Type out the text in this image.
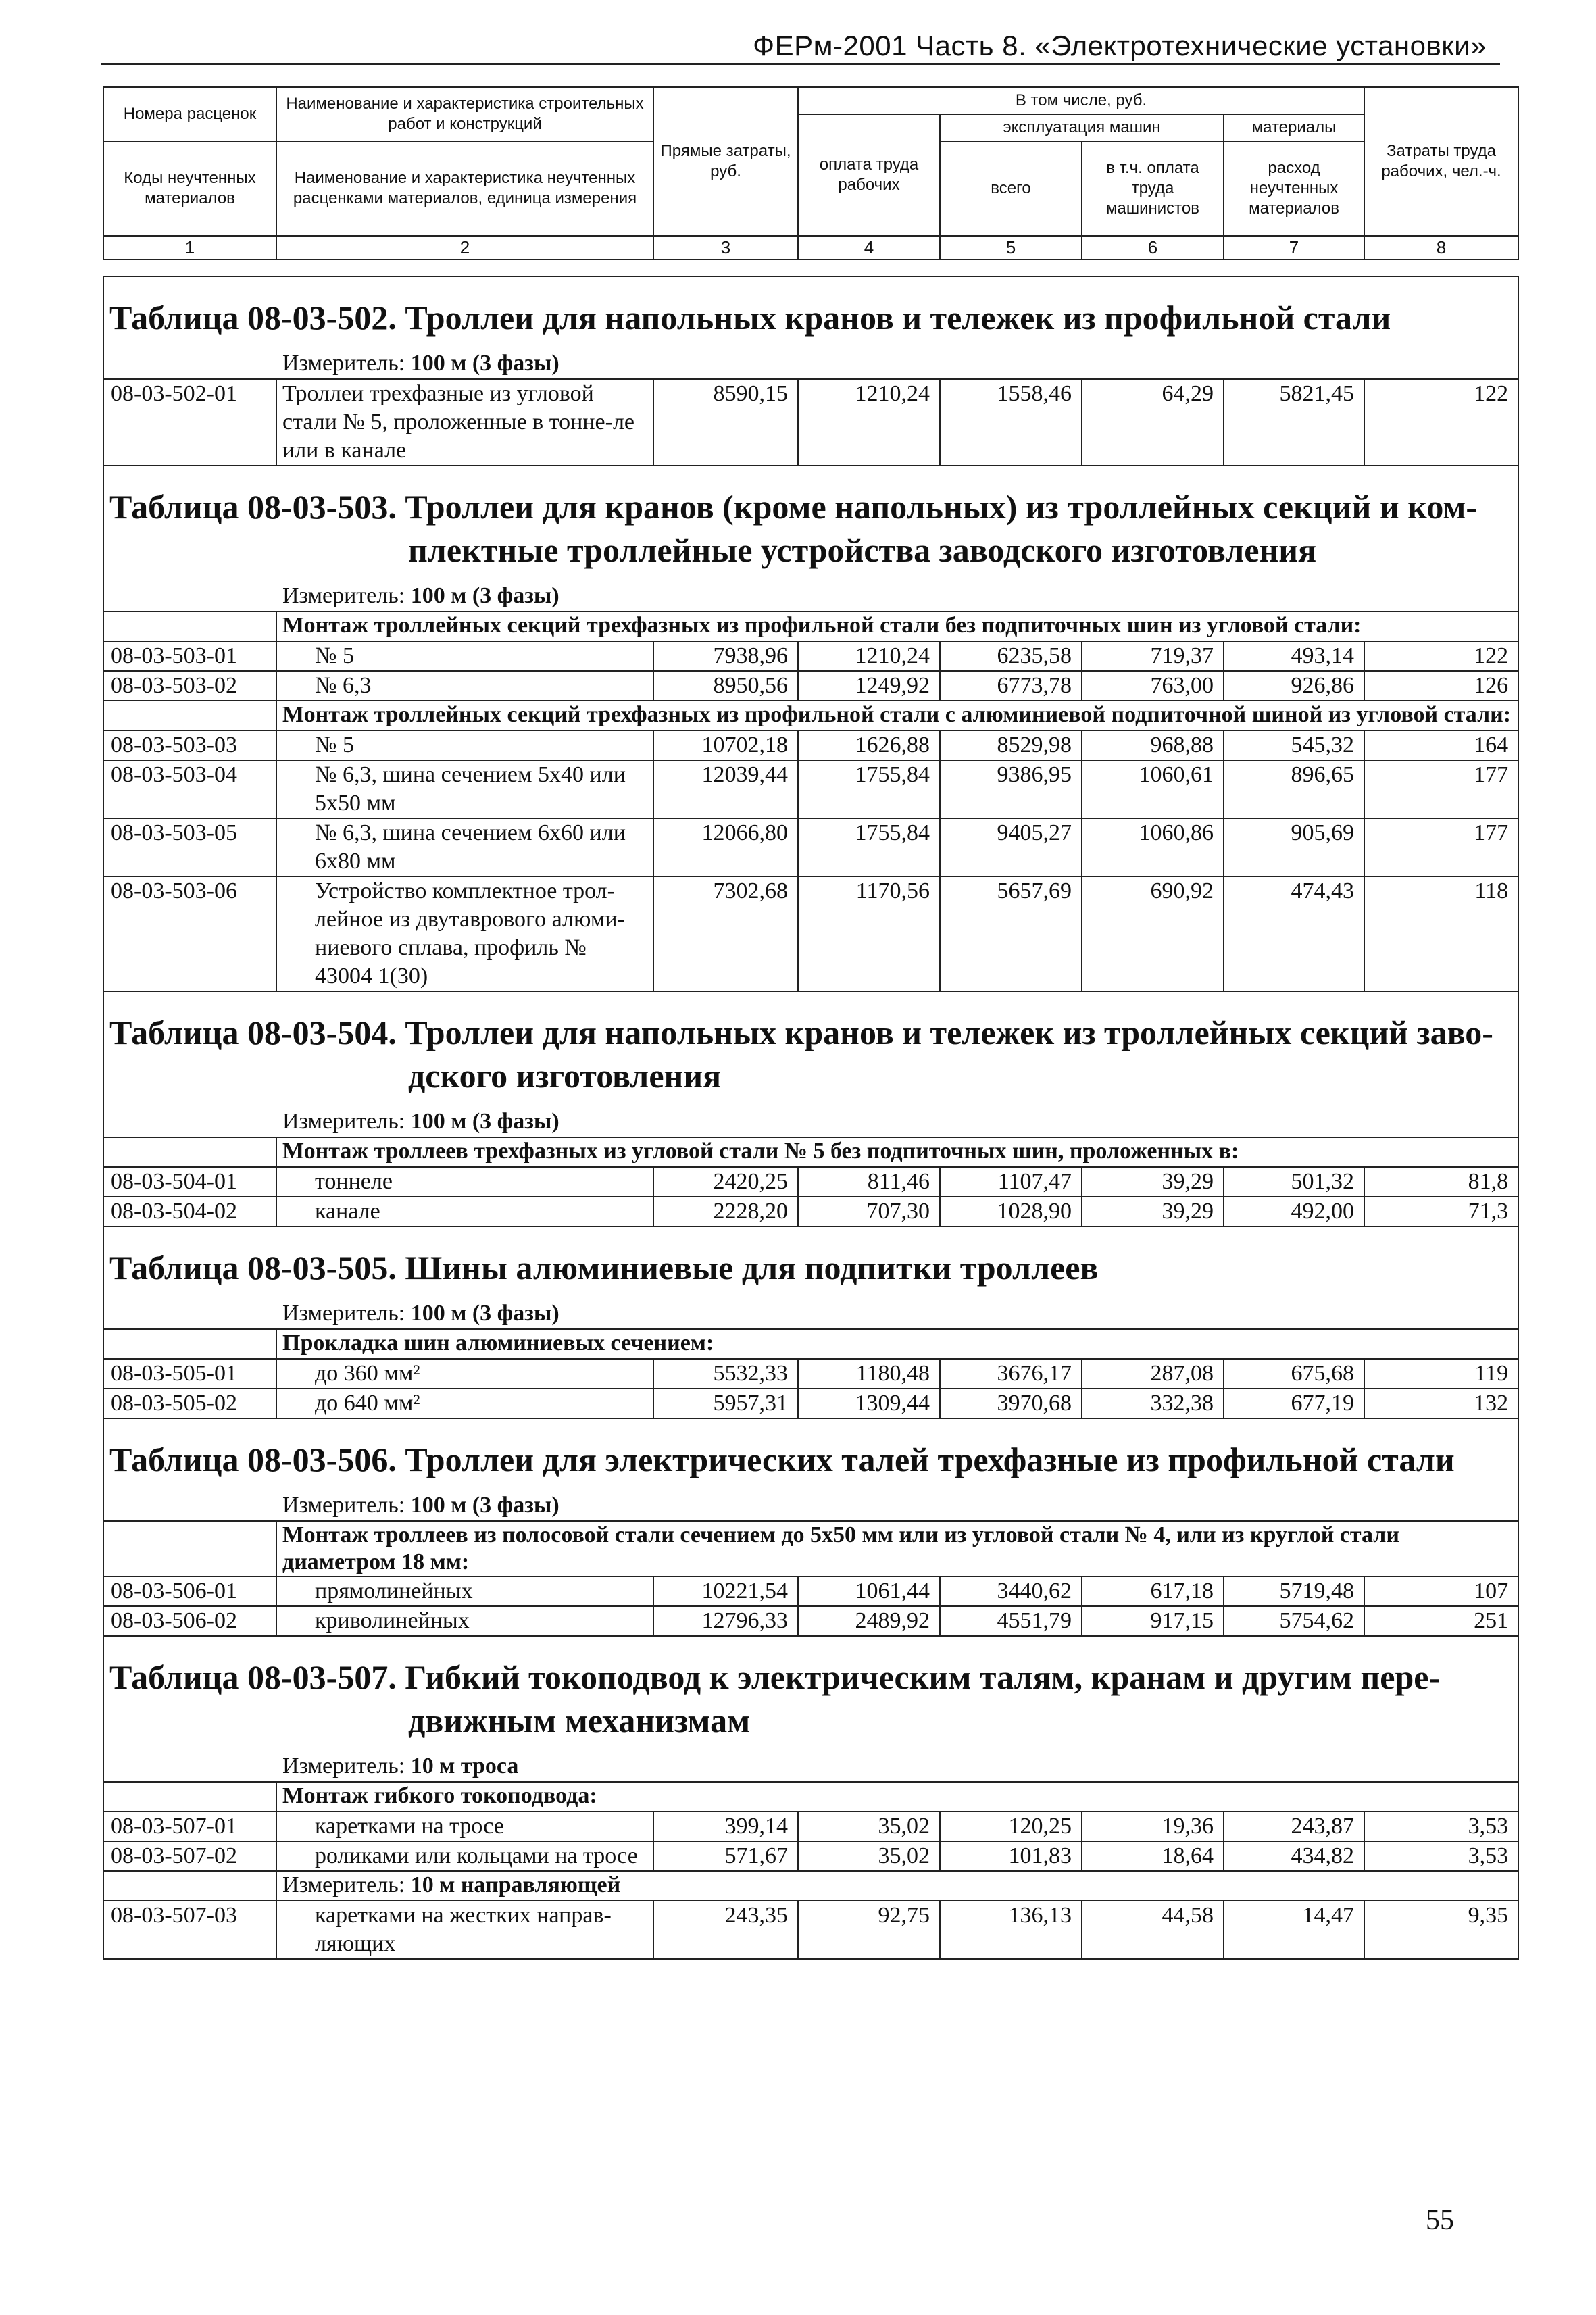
ФЕРм-2001 Часть 8. «Электротехнические установки»
Номера расценок	Наименование и характеристика строительных работ и конструкций	Прямые затраты, руб.	В том числе, руб.				Затраты труда рабочих, чел.-ч.
			оплата труда рабочих	эксплуатация машин		материалы	
Коды неучтенных материалов	Наименование и характеристика неучтенных расценками материалов, единица измерения			всего	в т.ч. оплата труда машинистов	расход неучтенных материалов	

1	2	3	4	5	6	7	8
Таблица 08-03-502. Троллеи для напольных кранов и тележек из профильной стали
Измеритель: 100 м (3 фазы)							

08-03-502-01	Троллеи трехфазные из угловой стали № 5, проложенные в тонне-ле или в канале	8590,15	1210,24	1558,46	64,29	5821,45	122

Таблица 08-03-503. Троллеи для кранов (кроме напольных) из троллейных секций и ком-
плектные троллейные устройства заводского изготовления
Измеритель: 100 м (3 фазы)							

	Монтаж троллейных секций трехфазных из профильной стали без подпиточных шин из угловой стали:						
08-03-503-01	№ 5	7938,96	1210,24	6235,58	719,37	493,14	122
08-03-503-02	№ 6,3	8950,56	1249,92	6773,78	763,00	926,86	126
	Монтаж троллейных секций трехфазных из профильной стали с алюминиевой подпиточной шиной из угловой стали:						
08-03-503-03	№ 5	10702,18	1626,88	8529,98	968,88	545,32	164
08-03-503-04	№ 6,3, шина сечением 5х40 или 5х50 мм	12039,44	1755,84	9386,95	1060,61	896,65	177
08-03-503-05	№ 6,3, шина сечением 6х60 или 6х80 мм	12066,80	1755,84	9405,27	1060,86	905,69	177
08-03-503-06	Устройство комплектное трол-лейное из двутаврового алюми-ниевого сплава, профиль № 43004 1(30)	7302,68	1170,56	5657,69	690,92	474,43	118

Таблица 08-03-504. Троллеи для напольных кранов и тележек из троллейных секций заво-
дского изготовления
Измеритель: 100 м (3 фазы)							

	Монтаж троллеев трехфазных из угловой стали № 5 без подпиточных шин, проложенных в:						
08-03-504-01	тоннеле	2420,25	811,46	1107,47	39,29	501,32	81,8
08-03-504-02	канале	2228,20	707,30	1028,90	39,29	492,00	71,3

Таблица 08-03-505. Шины алюминиевые для подпитки троллеев
Измеритель: 100 м (3 фазы)							

	Прокладка шин алюминиевых сечением:						
08-03-505-01	до 360 мм²	5532,33	1180,48	3676,17	287,08	675,68	119
08-03-505-02	до 640 мм²	5957,31	1309,44	3970,68	332,38	677,19	132

Таблица 08-03-506. Троллеи для электрических талей трехфазные из профильной стали
Измеритель: 100 м (3 фазы)							

	Монтаж троллеев из полосовой стали сечением до 5х50 мм или из угловой стали № 4, или из круглой стали диаметром 18 мм:						
08-03-506-01	прямолинейных	10221,54	1061,44	3440,62	617,18	5719,48	107
08-03-506-02	криволинейных	12796,33	2489,92	4551,79	917,15	5754,62	251

Таблица 08-03-507. Гибкий токоподвод к электрическим талям, кранам и другим пере-
движным механизмам
Измеритель: 10 м троса							

	Монтаж гибкого токоподвода:						
08-03-507-01	каретками на тросе	399,14	35,02	120,25	19,36	243,87	3,53
08-03-507-02	роликами или кольцами на тросе	571,67	35,02	101,83	18,64	434,82	3,53
	Измеритель: 10 м направляющей						
08-03-507-03	каретками на жестких направ-ляющих	243,35	92,75	136,13	44,58	14,47	9,35
55
